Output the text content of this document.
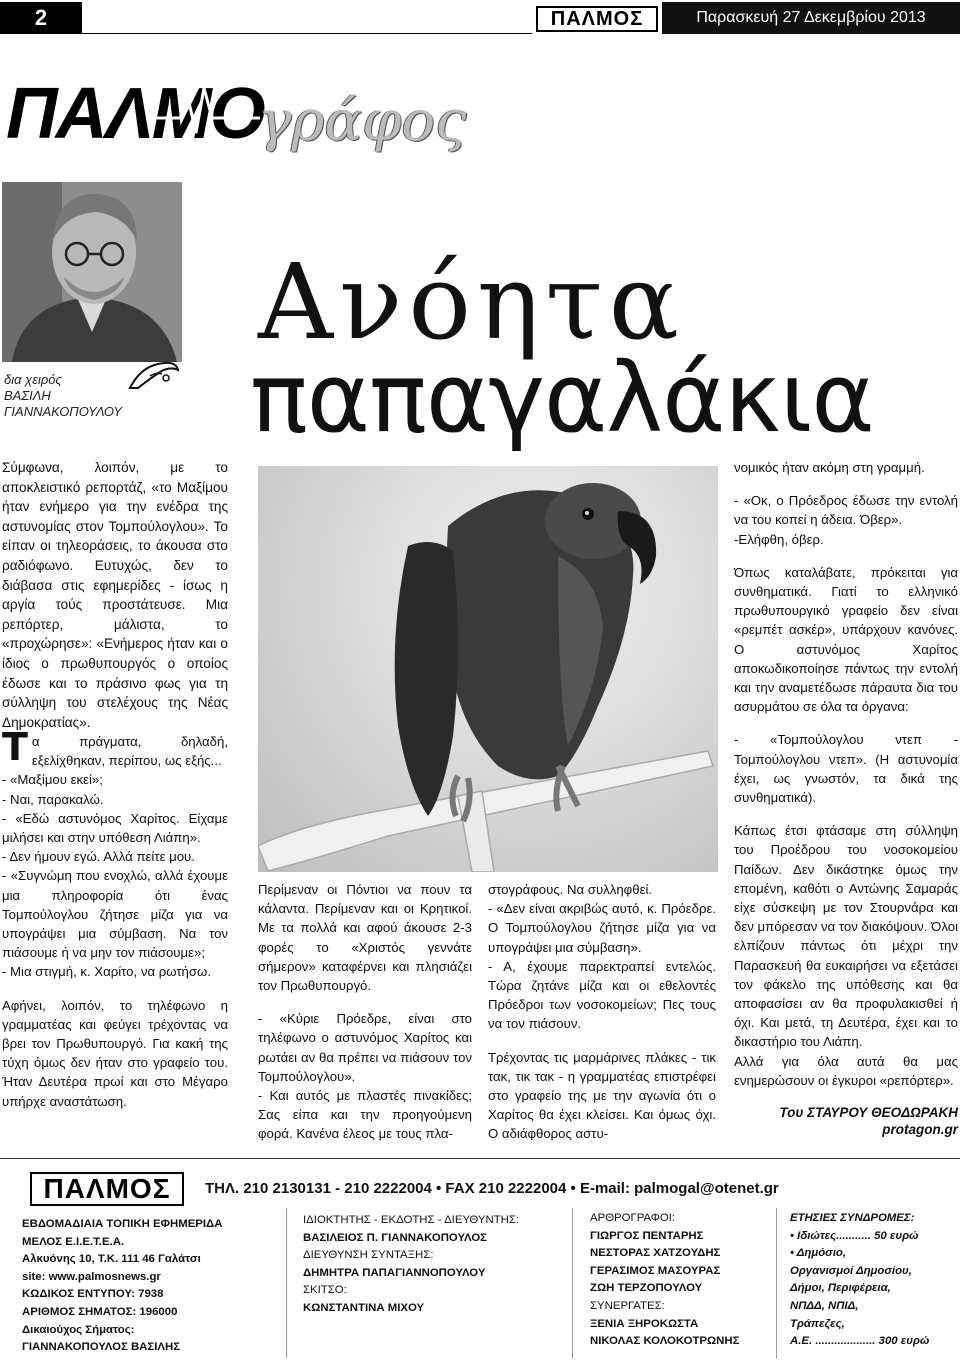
2	ΠΑΛΜΟΣ	Παρασκευή 27 Δεκεμβρίου 2013
ΠΑΛΜΟ
γράφος
δια χειρός
ΒΑΣΙΛΗ
ΓΙΑΝΝΑΚΟΠΟΥΛΟΥ
Ανόητα
παπαγαλάκια

Σύμφωνα, λοιπόν, με το αποκλειστικό ρεπορτάζ, «το Μαξίμου ήταν ενήμερο για την ενέδρα της αστυνομίας στον Τομπούλογλου». Το είπαν οι τηλεοράσεις, το άκουσα στο ραδιόφωνο. Ευτυχώς, δεν το διάβασα στις εφημερίδες - ίσως η αργία τούς προστάτευσε. Μια ρεπόρτερ, μάλιστα, το «προχώρησε»: «Ενήμερος ήταν και ο ίδιος ο πρωθυπουργός ο οποίος έδωσε και το πράσινο φως για τη σύλληψη του στελέχους της Νέας Δημοκρατίας».

Τα πράγματα, δηλαδή, εξελίχθηκαν, περίπου, ως εξής...

- «Μαξίμου εκεί»;

- Ναι, παρακαλώ.

- «Εδώ αστυνόμος Χαρίτος. Είχαμε μιλήσει και στην υπόθεση Λιάπη».

- Δεν ήμουν εγώ. Αλλά πείτε μου.

- «Συγνώμη που ενοχλώ, αλλά έχουμε μια πληροφορία ότι ένας Τομπούλογλου ζήτησε μίζα για να υπογράψει μια σύμβαση. Να τον πιάσουμε ή να μην τον πιάσουμε»;

- Μια στιγμή, κ. Χαρίτο, να ρωτήσω.

Αφήνει, λοιπόν, το τηλέφωνο η γραμματέας και φεύγει τρέχοντας να βρει τον Πρωθυπουργό. Για κακή της τύχη όμως δεν ήταν στο γραφείο του. Ήταν Δευτέρα πρωί και στο Μέγαρο υπήρχε αναστάτωση.

Περίμεναν οι Πόντιοι να πουν τα κάλαντα. Περίμεναν και οι Κρητικοί. Με τα πολλά και αφού άκουσε 2-3 φορές το «Χριστός γεννάτε σήμερον» καταφέρνει και πλησιάζει τον Πρωθυπουργό.

- «Κύριε Πρόεδρε, είναι στο τηλέφωνο ο αστυνόμος Χαρίτος και ρωτάει αν θα πρέπει να πιάσουν τον Τομπούλογλου».

- Και αυτός με πλαστές πινακίδες; Σας είπα και την προηγούμενη φορά. Κανένα έλεος με τους πλα-

στογράφους. Να συλληφθεί.

- «Δεν είναι ακριβώς αυτό, κ. Πρόεδρε. Ο Τομπούλογλου ζήτησε μίζα για να υπογράψει μια σύμβαση».

- Α, έχουμε παρεκτραπεί εντελώς. Τώρα ζητάνε μίζα και οι εθελοντές Πρόεδροι των νοσοκομείων; Πες τους να τον πιάσουν.

Τρέχοντας τις μαρμάρινες πλάκες - τικ τακ, τικ τακ - η γραμματέας επιστρέφει στο γραφείο της με την αγωνία ότι ο Χαρίτος θα έχει κλείσει. Και όμως όχι. Ο αδιάφθορος αστυ-

νομικός ήταν ακόμη στη γραμμή.

- «Οκ, ο Πρόεδρος έδωσε την εντολή να του κοπεί η άδεια. Όβερ».

-Ελήφθη, όβερ.

Όπως καταλάβατε, πρόκειται για συνθηματικά. Γιατί το ελληνικό πρωθυπουργικό γραφείο δεν είναι «ρεμπέτ ασκέρ», υπάρχουν κανόνες. Ο αστυνόμος Χαρίτος αποκωδικοποίησε πάντως την εντολή και την αναμετέδωσε πάραυτα δια του ασυρμάτου σε όλα τα όργανα:

- «Τομπούλογλου ντεπ - Τομπούλογλου ντεπ». (Η αστυνομία έχει, ως γνωστόν, τα δικά της συνθηματικά).

Κάπως έτσι φτάσαμε στη σύλληψη του Προέδρου του νοσοκομείου Παίδων. Δεν δικάστηκε όμως την επομένη, καθότι ο Αντώνης Σαμαράς είχε σύσκεψη με τον Στουρνάρα και δεν μπόρεσαν να τον διακόψουν. Όλοι ελπίζουν πάντως ότι μέχρι την Παρασκευή θα ευκαιρήσει να εξετάσει τον φάκελο της υπόθεσης και θα αποφασίσει αν θα προφυλακισθεί ή όχι. Και μετά, τη Δευτέρα, έχει και το δικαστήριο του Λιάπη.

Αλλά για όλα αυτά θα μας ενημερώσουν οι έγκυροι «ρεπόρτερ».

Του ΣΤΑΥΡΟΥ ΘΕΟΔΩΡΑΚΗ
protagon.gr
ΠΑΛΜΟΣ	ΤΗΛ. 210 2130131 - 210 2222004 • FAX 210 2222004 • E-mail: palmogal@otenet.gr
ΕΒΔΟΜΑΔΙΑΙΑ ΤΟΠΙΚΗ ΕΦΗΜΕΡΙΔΑ
ΜΕΛΟΣ Ε.Ι.Ε.Τ.Ε.Α.
Αλκυόνης 10, Τ.Κ. 111 46 Γαλάτσι
site: www.palmosnews.gr
ΚΩΔΙΚΟΣ ΕΝΤΥΠΟΥ: 7938
ΑΡΙΘΜΟΣ ΣΗΜΑΤΟΣ: 196000
Δικαιούχος Σήματος:
ΓΙΑΝΝΑΚΟΠΟΥΛΟΣ ΒΑΣΙΛΗΣ
ΙΔΙΟΚΤΗΤΗΣ - ΕΚΔΟΤΗΣ - ΔΙΕΥΘΥΝΤΗΣ:
ΒΑΣΙΛΕΙΟΣ Π. ΓΙΑΝΝΑΚΟΠΟΥΛΟΣ
ΔΙΕΥΘΥΝΣΗ ΣΥΝΤΑΞΗΣ:
ΔΗΜΗΤΡΑ ΠΑΠΑΓΙΑΝΝΟΠΟΥΛΟΥ
ΣΚΙΤΣΟ:
ΚΩΝΣΤΑΝΤΙΝΑ ΜΙΧΟΥ
ΑΡΘΡΟΓΡΑΦΟΙ:
ΓΙΩΡΓΟΣ ΠΕΝΤΑΡΗΣ
ΝΕΣΤΟΡΑΣ ΧΑΤΖΟΥΔΗΣ
ΓΕΡΑΣΙΜΟΣ ΜΑΣΟΥΡΑΣ
ΖΩΗ ΤΕΡΖΟΠΟΥΛΟΥ
ΣΥΝΕΡΓΑΤΕΣ:
ΞΕΝΙΑ ΞΗΡΟΚΩΣΤΑ
ΝΙΚΟΛΑΣ ΚΟΛΟΚΟΤΡΩΝΗΣ
ΕΤΗΣΙΕΣ ΣΥΝΔΡΟΜΕΣ:
• Ιδιώτες........... 50 ευρώ
• Δημόσιο,
Οργανισμοί Δημοσίου,
Δήμοι, Περιφέρεια,
ΝΠΔΔ, ΝΠΙΔ,
Τράπεζες,
Α.Ε. ................... 300 ευρώ
